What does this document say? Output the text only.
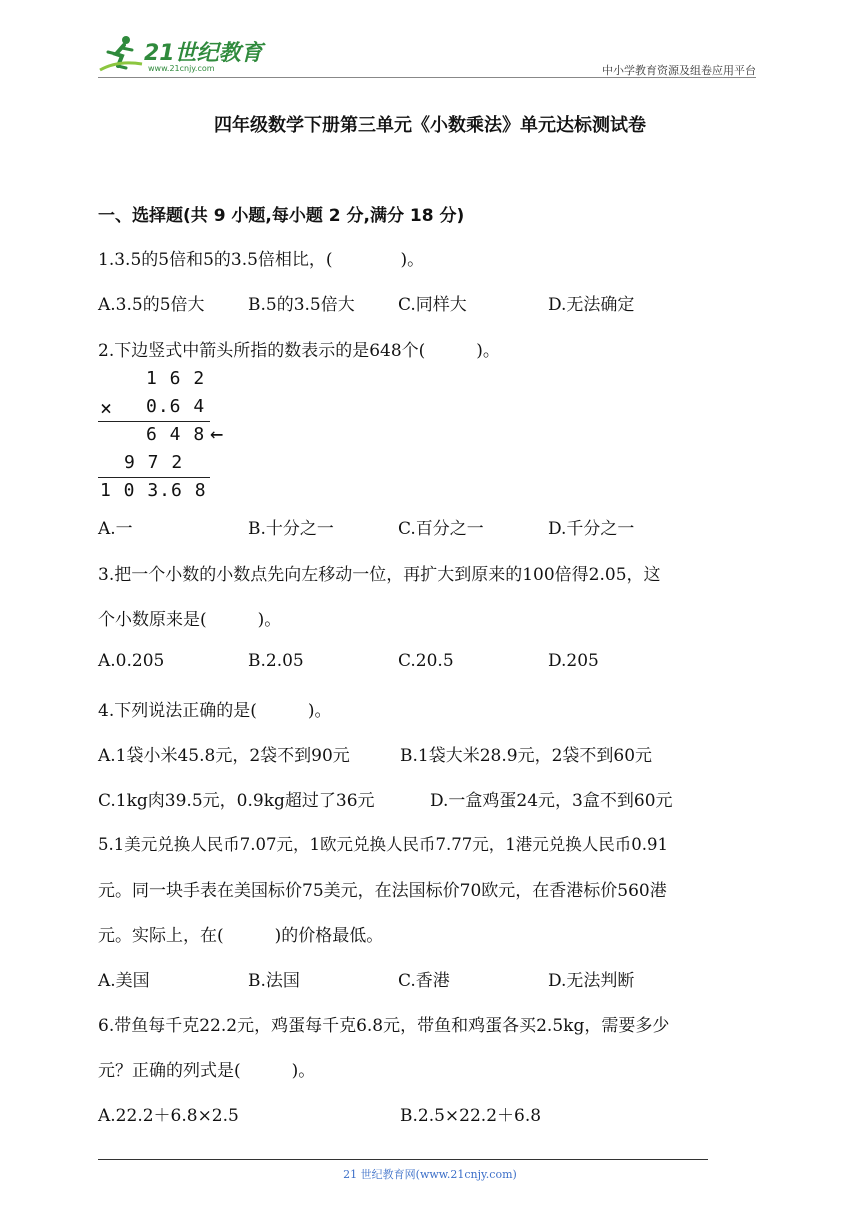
21世纪教育
www.21cnjy.com	中小学教育资源及组卷应用平台
四年级数学下册第三单元《小数乘法》单元达标测试卷
一、选择题(共 9 小题,每小题 2 分,满分 18 分)
1.3.5的5倍和5的3.5倍相比，(　　　　)。
A.3.5的5倍大	B.5的3.5倍大	C.同样大	D.无法确定
2.下边竖式中箭头所指的数表示的是648个(　　　)。
1 6 2
× 0.6 4
6 4 8 ←
9 7 2
1 0 3.6 8
A.一	B.十分之一	C.百分之一	D.千分之一
3.把一个小数的小数点先向左移动一位，再扩大到原来的100倍得2.05，这
个小数原来是(　　　)。
A.0.205	B.2.05	C.20.5	D.205
4.下列说法正确的是(　　　)。
A.1袋小米45.8元，2袋不到90元	B.1袋大米28.9元，2袋不到60元
C.1kg肉39.5元，0.9kg超过了36元	D.一盒鸡蛋24元，3盒不到60元
5.1美元兑换人民币7.07元，1欧元兑换人民币7.77元，1港元兑换人民币0.91
元。同一块手表在美国标价75美元，在法国标价70欧元，在香港标价560港
元。实际上，在(　　　)的价格最低。
A.美国	B.法国	C.香港	D.无法判断
6.带鱼每千克22.2元，鸡蛋每千克6.8元，带鱼和鸡蛋各买2.5kg，需要多少
元？正确的列式是(　　　)。
A.22.2＋6.8×2.5	B.2.5×22.2＋6.8
21 世纪教育网(www.21cnjy.com)
